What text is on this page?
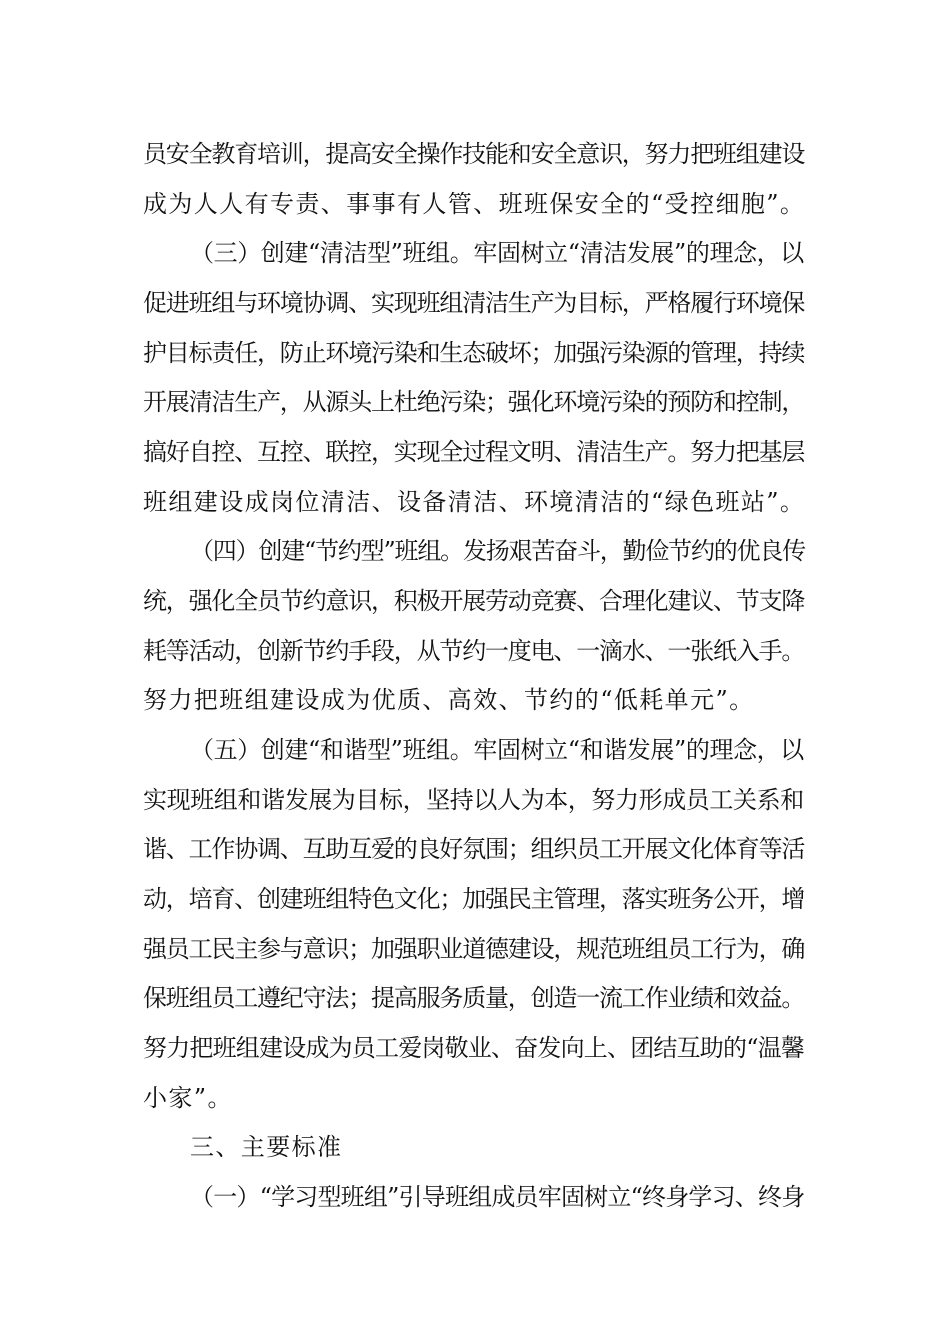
员安全教育培训，提高安全操作技能和安全意识，努力把班组建设
成为人人有专责、事事有人管、班班保安全的“受控细胞”。
（三）创建“清洁型”班组。牢固树立“清洁发展”的理念，以
促进班组与环境协调、实现班组清洁生产为目标，严格履行环境保
护目标责任，防止环境污染和生态破坏；加强污染源的管理，持续
开展清洁生产，从源头上杜绝污染；强化环境污染的预防和控制，
搞好自控、互控、联控，实现全过程文明、清洁生产。努力把基层
班组建设成岗位清洁、设备清洁、环境清洁的“绿色班站”。
（四）创建“节约型”班组。发扬艰苦奋斗，勤俭节约的优良传
统，强化全员节约意识，积极开展劳动竞赛、合理化建议、节支降
耗等活动，创新节约手段，从节约一度电、一滴水、一张纸入手。
努力把班组建设成为优质、高效、节约的“低耗单元”。
（五）创建“和谐型”班组。牢固树立“和谐发展”的理念，以
实现班组和谐发展为目标，坚持以人为本，努力形成员工关系和
谐、工作协调、互助互爱的良好氛围；组织员工开展文化体育等活
动，培育、创建班组特色文化；加强民主管理，落实班务公开，增
强员工民主参与意识；加强职业道德建设，规范班组员工行为，确
保班组员工遵纪守法；提高服务质量，创造一流工作业绩和效益。
努力把班组建设成为员工爱岗敬业、奋发向上、团结互助的“温馨
小家”。
三、主要标准
（一）“学习型班组”引导班组成员牢固树立“终身学习、终身
